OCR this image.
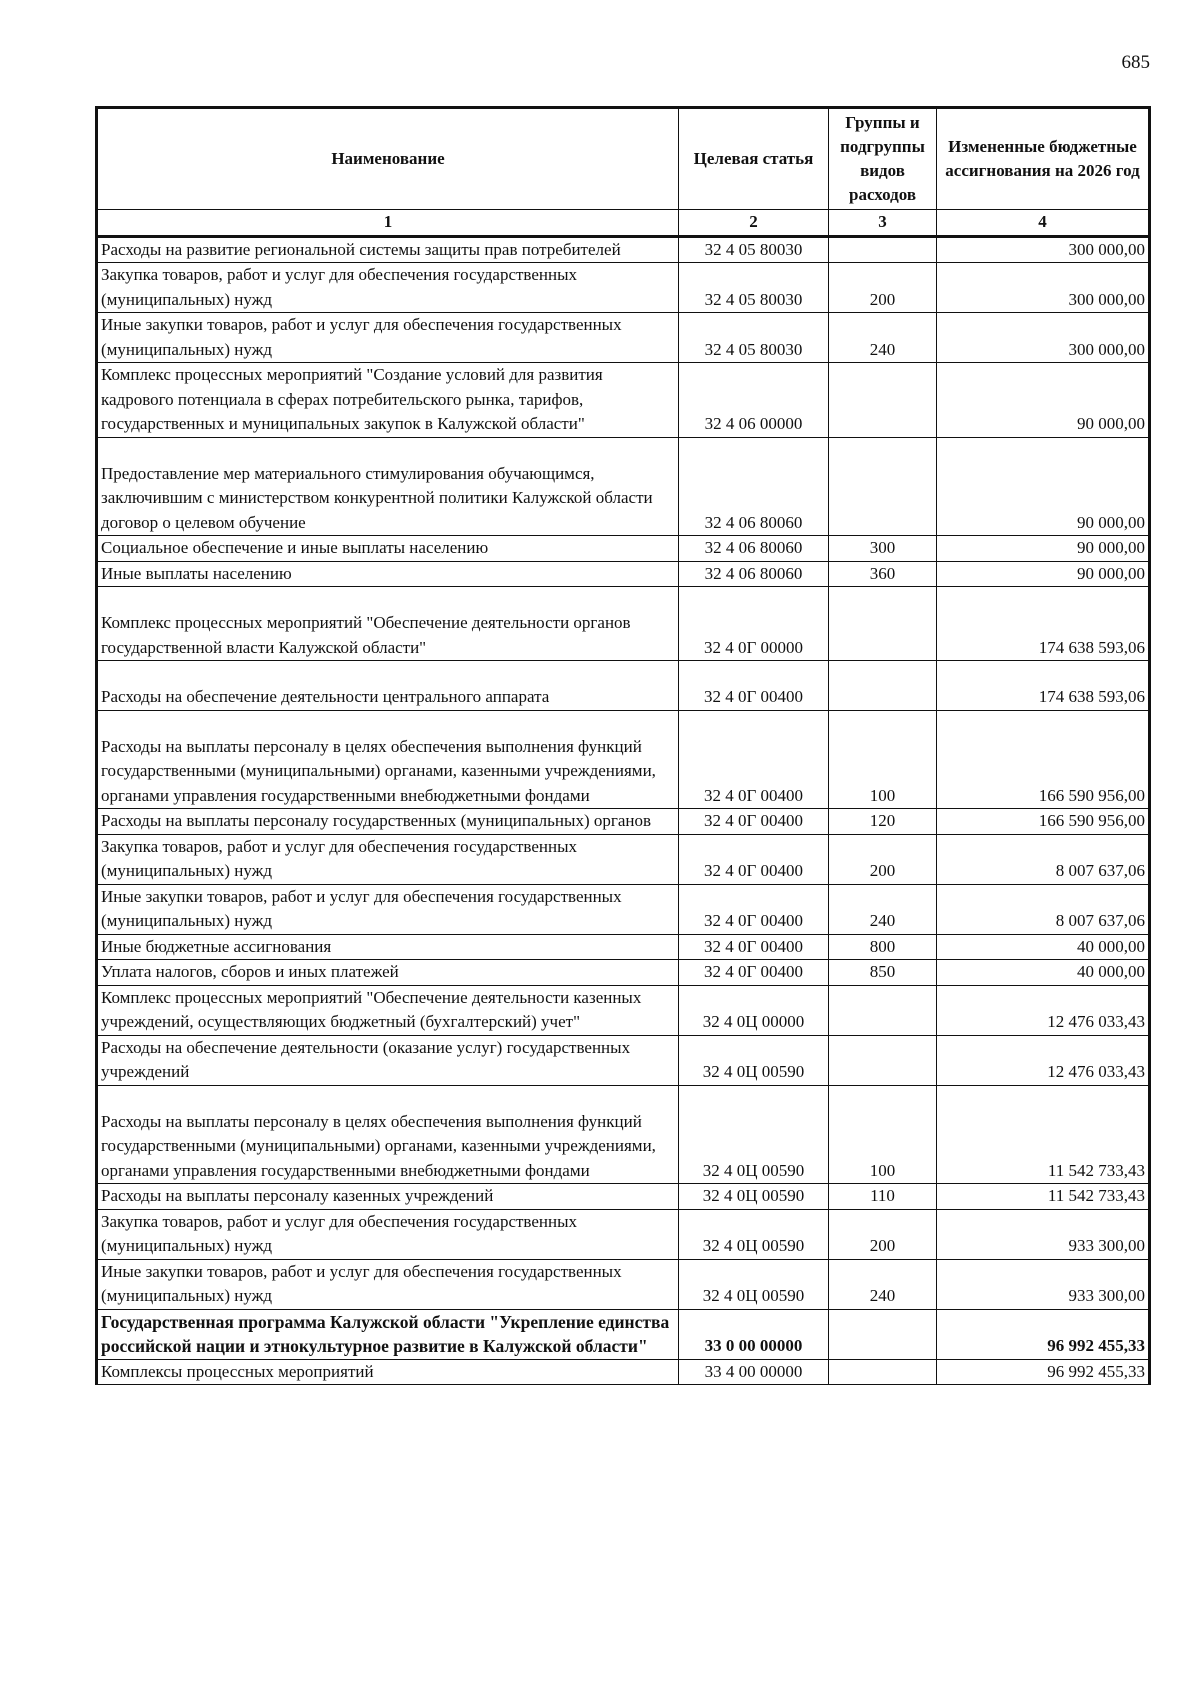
685
Наименование	Целевая статья	Группы и подгруппы видов расходов	Измененные бюджетные ассигнования на 2026 год

1	2	3	4
Расходы на развитие региональной системы защиты прав потребителей	32 4 05 80030		300 000,00
Закупка товаров, работ и услуг для обеспечения государственных (муниципальных) нужд	32 4 05 80030	200	300 000,00
Иные закупки товаров, работ и услуг для обеспечения государственных (муниципальных) нужд	32 4 05 80030	240	300 000,00
Комплекс процессных мероприятий "Создание условий для развития кадрового потенциала в сферах потребительского рынка, тарифов, государственных и муниципальных закупок в Калужской области"	32 4 06 00000		90 000,00
Предоставление мер материального стимулирования обучающимся, заключившим с министерством конкурентной политики Калужской области договор о целевом обучение	32 4 06 80060		90 000,00
Социальное обеспечение и иные выплаты населению	32 4 06 80060	300	90 000,00
Иные выплаты населению	32 4 06 80060	360	90 000,00
Комплекс процессных мероприятий "Обеспечение деятельности органов государственной власти Калужской области"	32 4 0Г 00000		174 638 593,06
Расходы на обеспечение деятельности центрального аппарата	32 4 0Г 00400		174 638 593,06
Расходы на выплаты персоналу в целях обеспечения выполнения функций государственными (муниципальными) органами, казенными учреждениями, органами управления государственными внебюджетными фондами	32 4 0Г 00400	100	166 590 956,00
Расходы на выплаты персоналу государственных (муниципальных) органов	32 4 0Г 00400	120	166 590 956,00
Закупка товаров, работ и услуг для обеспечения государственных (муниципальных) нужд	32 4 0Г 00400	200	8 007 637,06
Иные закупки товаров, работ и услуг для обеспечения государственных (муниципальных) нужд	32 4 0Г 00400	240	8 007 637,06
Иные бюджетные ассигнования	32 4 0Г 00400	800	40 000,00
Уплата налогов, сборов и иных платежей	32 4 0Г 00400	850	40 000,00
Комплекс процессных мероприятий "Обеспечение деятельности казенных учреждений, осуществляющих бюджетный (бухгалтерский) учет"	32 4 0Ц 00000		12 476 033,43
Расходы на обеспечение деятельности (оказание услуг) государственных учреждений	32 4 0Ц 00590		12 476 033,43
Расходы на выплаты персоналу в целях обеспечения выполнения функций государственными (муниципальными) органами, казенными учреждениями, органами управления государственными внебюджетными фондами	32 4 0Ц 00590	100	11 542 733,43
Расходы на выплаты персоналу казенных учреждений	32 4 0Ц 00590	110	11 542 733,43
Закупка товаров, работ и услуг для обеспечения государственных (муниципальных) нужд	32 4 0Ц 00590	200	933 300,00
Иные закупки товаров, работ и услуг для обеспечения государственных (муниципальных) нужд	32 4 0Ц 00590	240	933 300,00
Государственная программа Калужской области "Укрепление единства российской нации и этнокультурное развитие в Калужской области"	33 0 00 00000		96 992 455,33
Комплексы процессных мероприятий	33 4 00 00000		96 992 455,33
